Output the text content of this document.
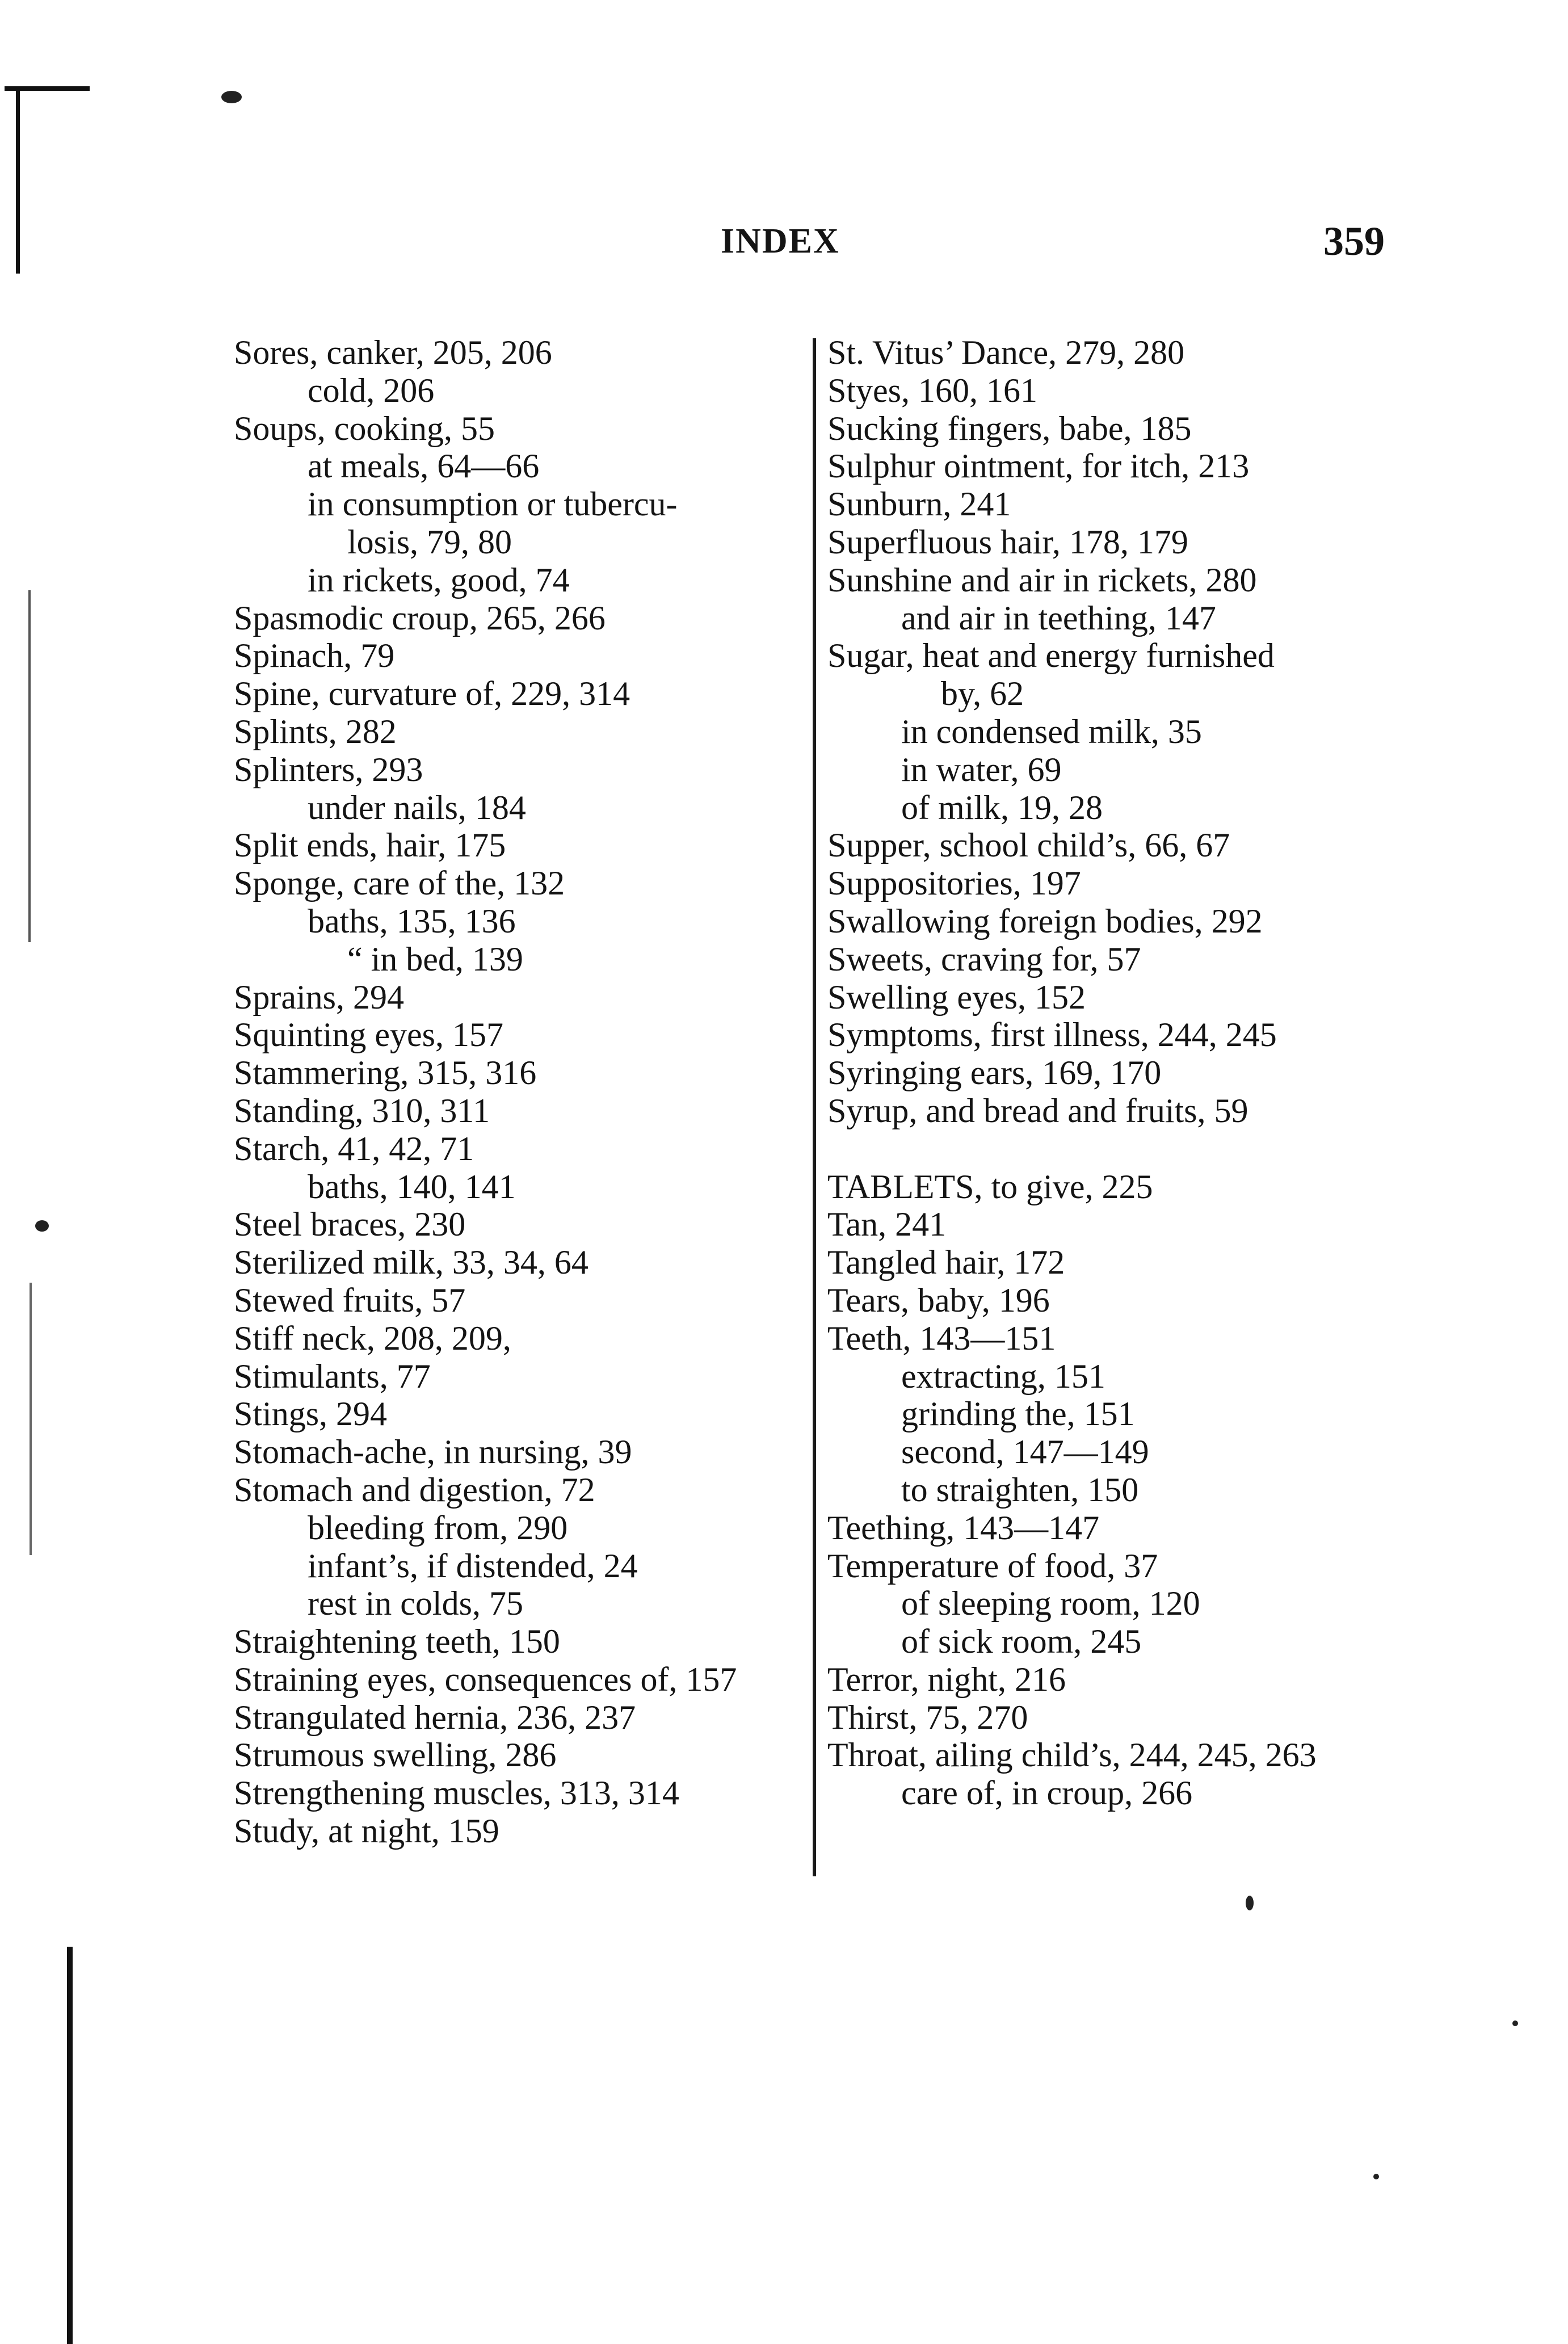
INDEX	359
Sores, canker, 205, 206
cold, 206
Soups, cooking, 55
at meals, 64—66
in consumption or tubercu-
losis, 79, 80
in rickets, good, 74
Spasmodic croup, 265, 266
Spinach, 79
Spine, curvature of, 229, 314
Splints, 282
Splinters, 293
under nails, 184
Split ends, hair, 175
Sponge, care of the, 132
baths, 135, 136
“ in bed, 139
Sprains, 294
Squinting eyes, 157
Stammering, 315, 316
Standing, 310, 311
Starch, 41, 42, 71
baths, 140, 141
Steel braces, 230
Sterilized milk, 33, 34, 64
Stewed fruits, 57
Stiff neck, 208, 209,
Stimulants, 77
Stings, 294
Stomach-ache, in nursing, 39
Stomach and digestion, 72
bleeding from, 290
infant’s, if distended, 24
rest in colds, 75
Straightening teeth, 150
Straining eyes, consequences of, 157
Strangulated hernia, 236, 237
Strumous swelling, 286
Strengthening muscles, 313, 314
Study, at night, 159
St. Vitus’ Dance, 279, 280
Styes, 160, 161
Sucking fingers, babe, 185
Sulphur ointment, for itch, 213
Sunburn, 241
Superfluous hair, 178, 179
Sunshine and air in rickets, 280
and air in teething, 147
Sugar, heat and energy furnished
by, 62
in condensed milk, 35
in water, 69
of milk, 19, 28
Supper, school child’s, 66, 67
Suppositories, 197
Swallowing foreign bodies, 292
Sweets, craving for, 57
Swelling eyes, 152
Symptoms, first illness, 244, 245
Syringing ears, 169, 170
Syrup, and bread and fruits, 59
TABLETS, to give, 225
Tan, 241
Tangled hair, 172
Tears, baby, 196
Teeth, 143—151
extracting, 151
grinding the, 151
second, 147—149
to straighten, 150
Teething, 143—147
Temperature of food, 37
of sleeping room, 120
of sick room, 245
Terror, night, 216
Thirst, 75, 270
Throat, ailing child’s, 244, 245, 263
care of, in croup, 266
